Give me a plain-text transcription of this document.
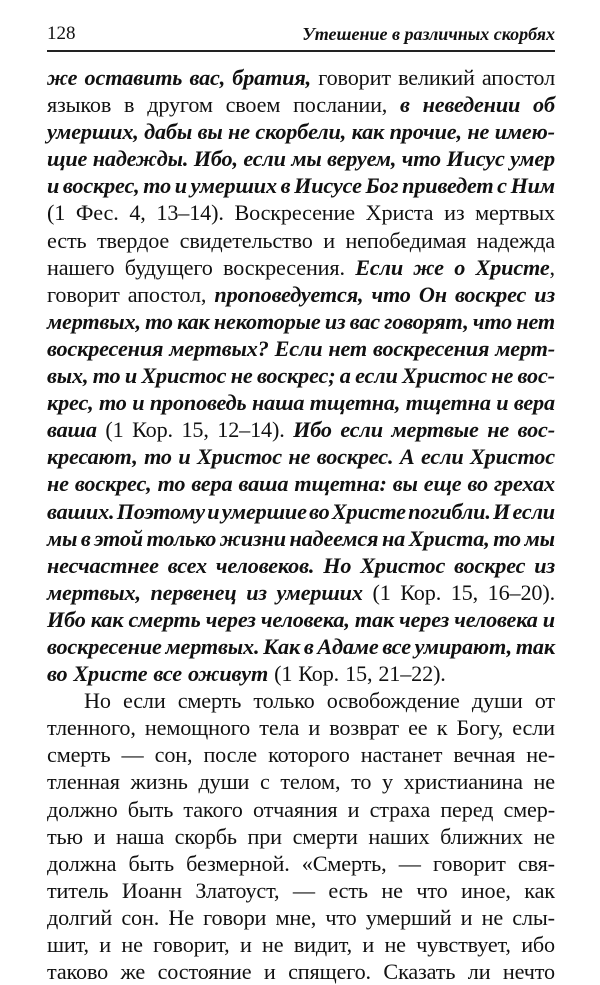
128	Утешение в различных скорбях
же оставить вас, братия, говорит великий апостол
языков в другом своем послании, в неведении об
умерших, дабы вы не скорбели, как прочие, не имею-
щие надежды. Ибо, если мы веруем, что Иисус умер
и воскрес, то и умерших в Иисусе Бог приведет с Ним
(1 Фес. 4, 13–14). Воскресение Христа из мертвых
есть твердое свидетельство и непобедимая надежда
нашего будущего воскресения. Если же о Христе,
говорит апостол, проповедуется, что Он воскрес из
мертвых, то как некоторые из вас говорят, что нет
воскресения мертвых? Если нет воскресения мерт-
вых, то и Христос не воскрес; а если Христос не вос-
крес, то и проповедь наша тщетна, тщетна и вера
ваша (1 Кор. 15, 12–14). Ибо если мертвые не вос-
кресают, то и Христос не воскрес. А если Христос
не воскрес, то вера ваша тщетна: вы еще во грехах
ваших. Поэтому и умершие во Христе погибли. И если
мы в этой только жизни надеемся на Христа, то мы
несчастнее всех человеков. Но Христос воскрес из
мертвых, первенец из умерших (1 Кор. 15, 16–20).
Ибо как смерть через человека, так через человека и
воскресение мертвых. Как в Адаме все умирают, так
во Христе все оживут (1 Кор. 15, 21–22).
Но если смерть только освобождение души от
тленного, немощного тела и возврат ее к Богу, если
смерть — сон, после которого настанет вечная не-
тленная жизнь души с телом, то у христианина не
должно быть такого отчаяния и страха перед смер-
тью и наша скорбь при смерти наших ближних не
должна быть безмерной. «Смерть, — говорит свя-
титель Иоанн Златоуст, — есть не что иное, как
долгий сон. Не говори мне, что умерший и не слы-
шит, и не говорит, и не видит, и не чувствует, ибо
таково же состояние и спящего. Сказать ли нечто
